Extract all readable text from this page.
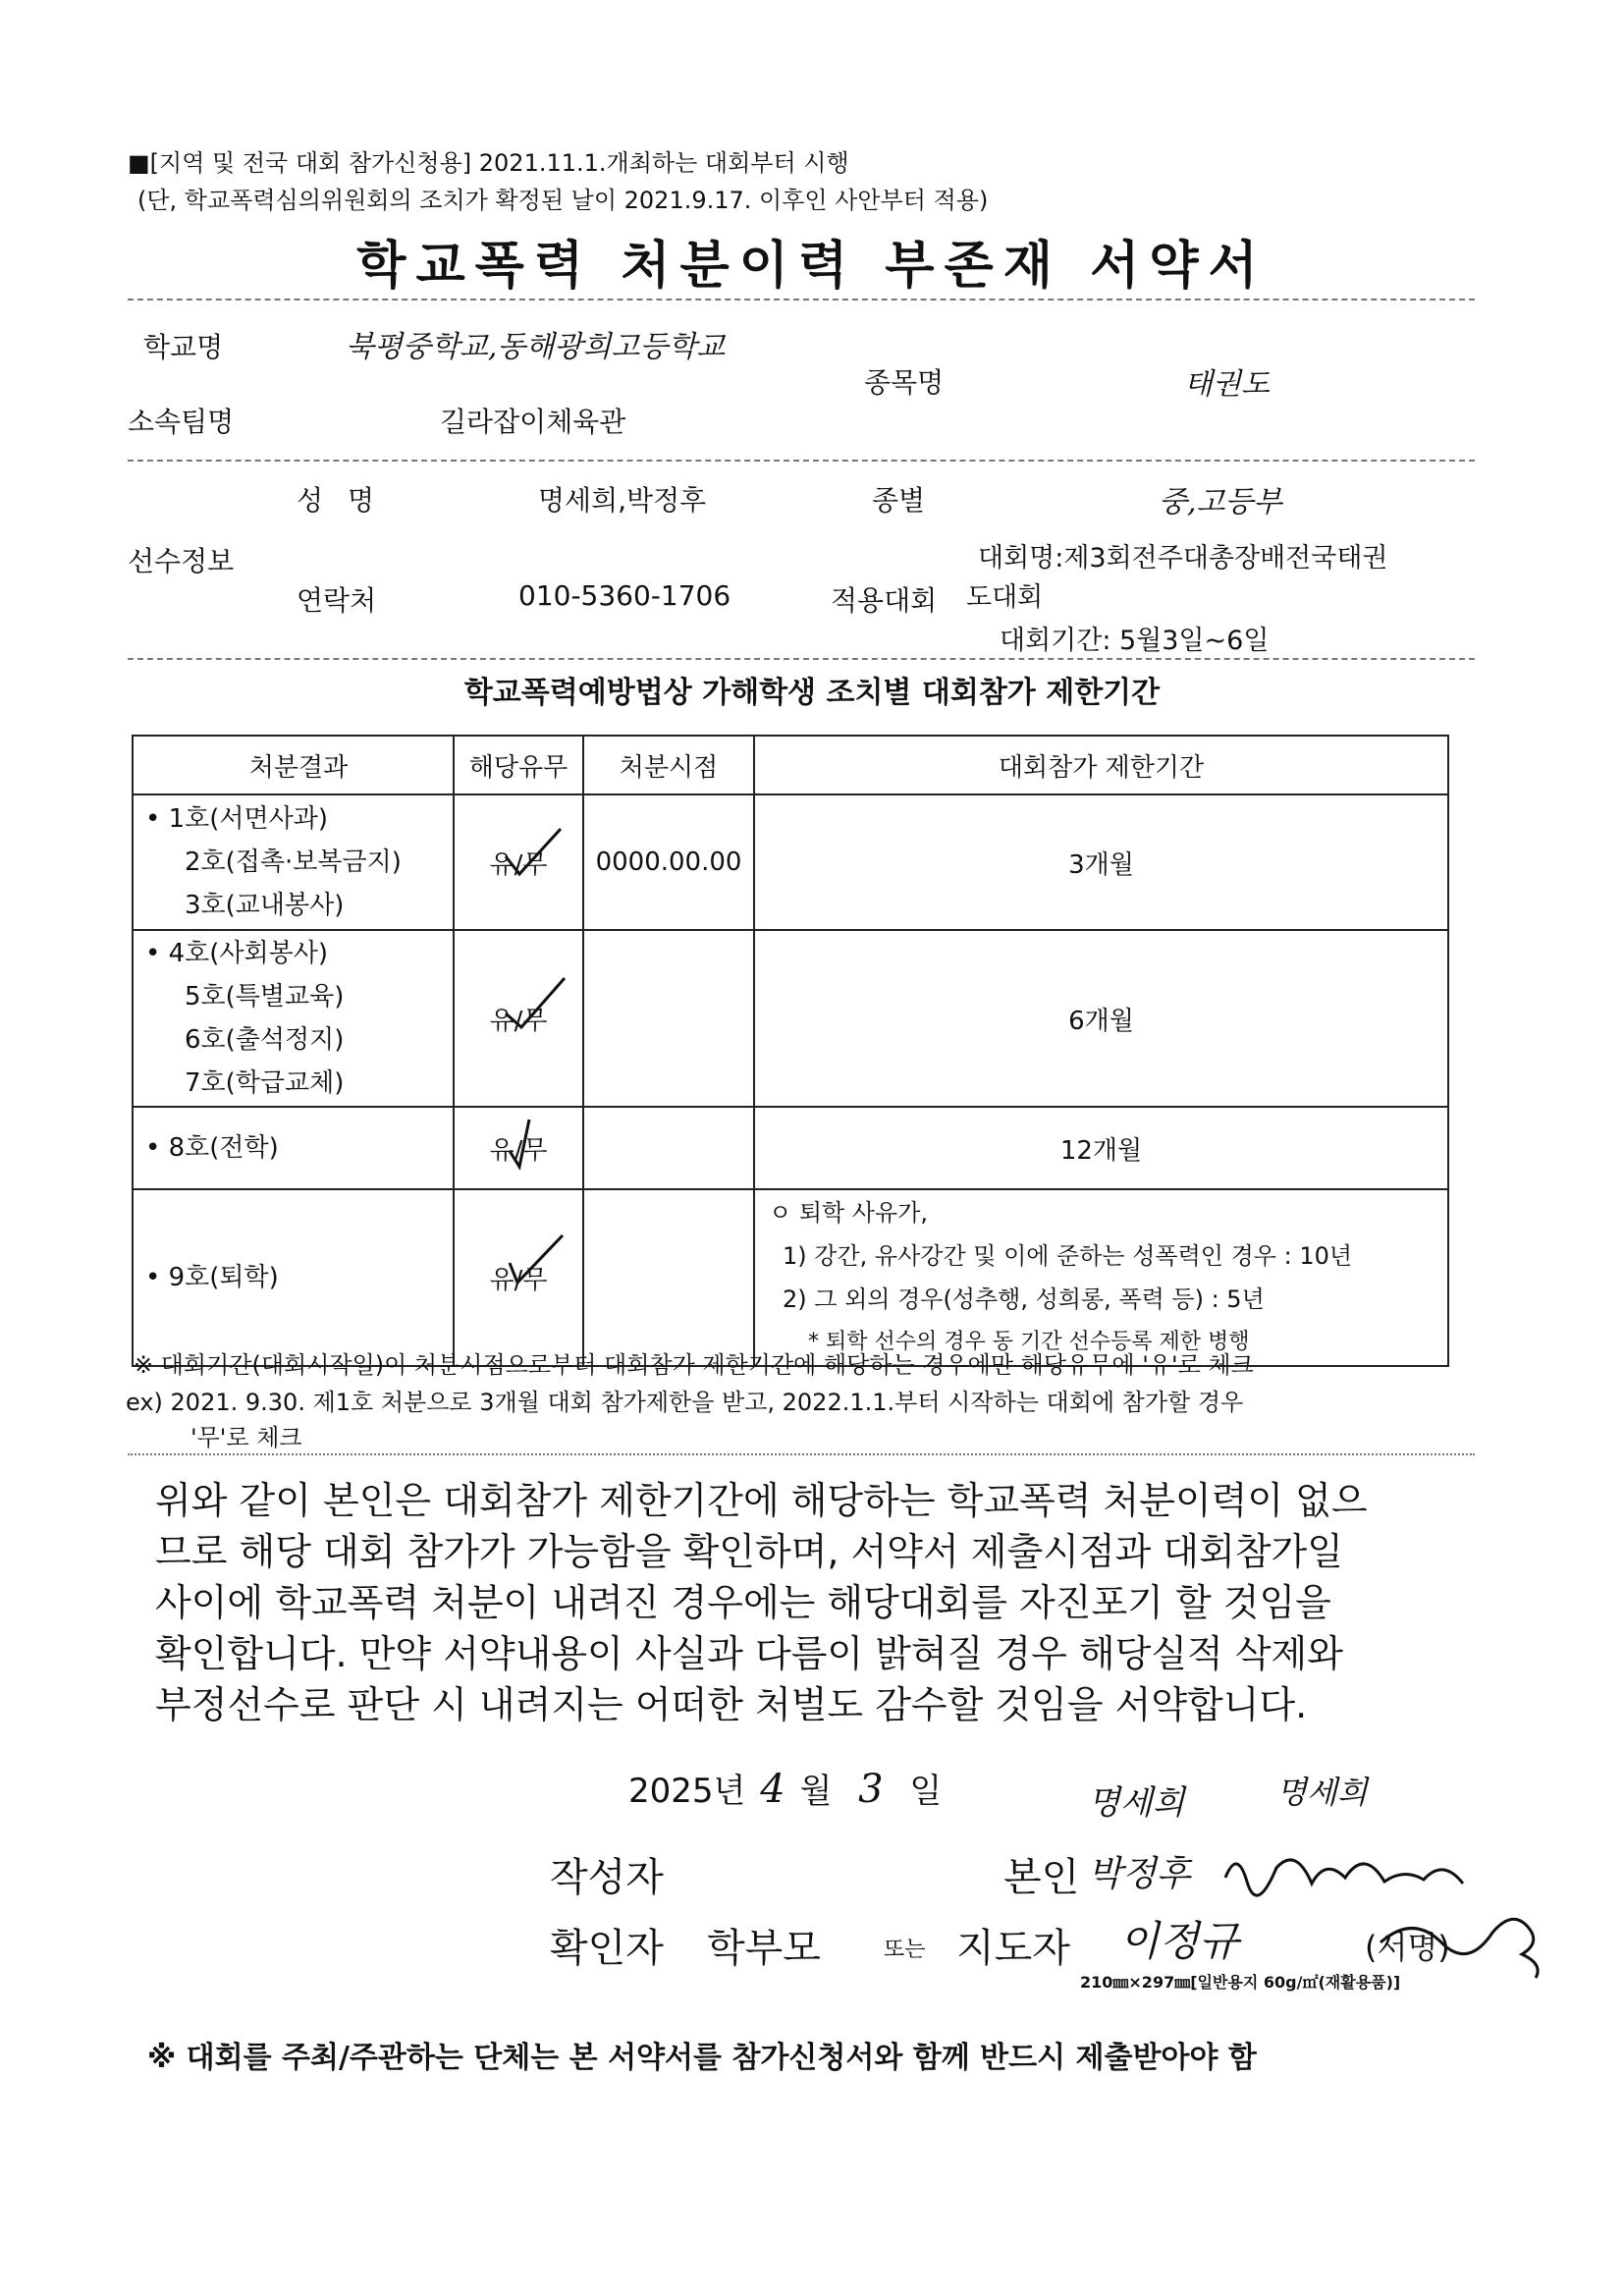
■[지역 및 전국 대회 참가신청용] 2021.11.1.개최하는 대회부터 시행
(단, 학교폭력심의위원회의 조치가 확정된 날이 2021.9.17. 이후인 사안부터 적용)
학교폭력 처분이력 부존재 서약서
학교명	북평중학교,동해광희고등학교
종목명	태권도
소속팀명	길라잡이체육관
성 명	명세희,박정후	종별	중,고등부
선수정보	대회명:제3회전주대총장배전국태권
연락처	010-5360-1706	적용대회 도대회
대회기간: 5월3일~6일
학교폭력예방법상 가해학생 조치별 대회참가 제한기간
처분결과	해당유무	처분시점	대회참가 제한기간

• 1호(서면사과)
2호(접촉·보복금지)
3호(교내봉사)	유/무	0000.00.00	3개월

• 4호(사회봉사)
5호(특별교육)
6호(출석정지)
7호(학급교체)	유/무		6개월

• 8호(전학)	유/무		12개월

• 9호(퇴학)	유/무		ㅇ 퇴학 사유가,
1) 강간, 유사강간 및 이에 준하는 성폭력인 경우 : 10년
2) 그 외의 경우(성추행, 성희롱, 폭력 등) : 5년
* 퇴학 선수의 경우 동 기간 선수등록 제한 병행
※ 대회기간(대회시작일)이 처분시점으로부터 대회참가 제한기간에 해당하는 경우에만 해당유무에 '유'로 체크
ex) 2021. 9.30. 제1호 처분으로 3개월 대회 참가제한을 받고, 2022.1.1.부터 시작하는 대회에 참가할 경우
'무'로 체크

위와 같이 본인은 대회참가 제한기간에 해당하는 학교폭력 처분이력이 없으

므로 해당 대회 참가가 가능함을 확인하며, 서약서 제출시점과 대회참가일

사이에 학교폭력 처분이 내려진 경우에는 해당대회를 자진포기 할 것임을

확인합니다. 만약 서약내용이 사실과 다름이 밝혀질 경우 해당실적 삭제와

부정선수로 판단 시 내려지는 어떠한 처벌도 감수할 것임을 서약합니다.

2025년 4 월 3 일	명세희	명세희
작성자	본인 박정후
확인자 학부모	또는 지도자 이정규	(서명)
210㎜×297㎜[일반용지 60g/㎡(재활용품)]
※ 대회를 주최/주관하는 단체는 본 서약서를 참가신청서와 함께 반드시 제출받아야 함
